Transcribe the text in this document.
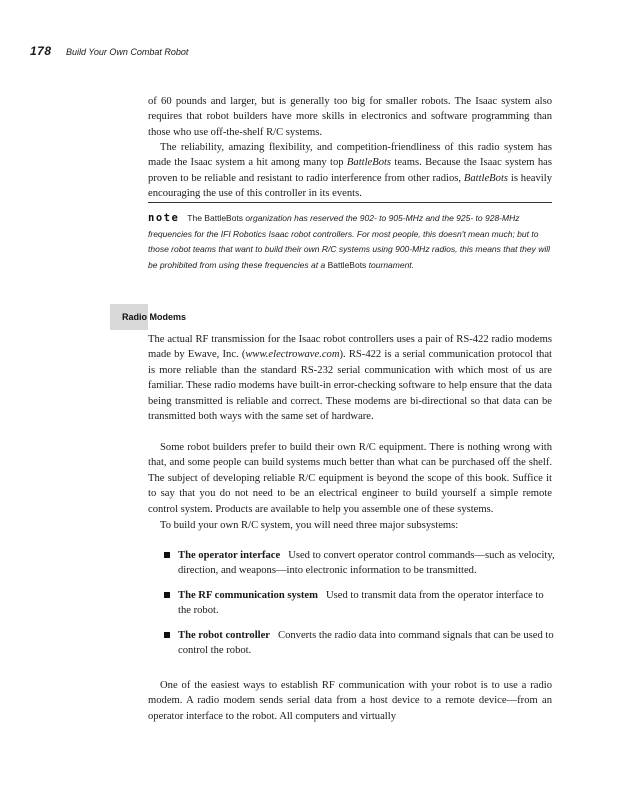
178 Build Your Own Combat Robot

of 60 pounds and larger, but is generally too big for smaller robots. The Isaac system also requires that robot builders have more skills in electronics and software programming than those who use off-the-shelf R/C systems.

The reliability, amazing flexibility, and competition-friendliness of this radio system has made the Isaac system a hit among many top BattleBots teams. Because the Isaac system has proven to be reliable and resistant to radio interference from other radios, BattleBots is heavily encouraging the use of this controller in its events.

note The BattleBots organization has reserved the 902- to 905-MHz and the 925- to 928-MHz frequencies for the IFI Robotics Isaac robot controllers. For most people, this doesn't mean much; but to those robot teams that want to build their own R/C systems using 900-MHz radios, this means that they will be prohibited from using these frequencies at a BattleBots tournament.
Radio Modems

The actual RF transmission for the Isaac robot controllers uses a pair of RS-422 radio modems made by Ewave, Inc. (www.electrowave.com). RS-422 is a serial communication protocol that is more reliable than the standard RS-232 serial communication with which most of us are familiar. These radio modems have built-in error-checking software to help ensure that the data being transmitted is reliable and correct. These modems are bi-directional so that data can be transmitted both ways with the same set of hardware.

Some robot builders prefer to build their own R/C equipment. There is nothing wrong with that, and some people can build systems much better than what can be purchased off the shelf. The subject of developing reliable R/C equipment is beyond the scope of this book. Suffice it to say that you do not need to be an electrical engineer to build yourself a simple remote control system. Products are available to help you assemble one of these systems.

To build your own R/C system, you will need three major subsystems:

The operator interface Used to convert operator control commands—such as velocity, direction, and weapons—into electronic information to be transmitted.
The RF communication system Used to transmit data from the operator interface to the robot.
The robot controller Converts the radio data into command signals that can be used to control the robot.

One of the easiest ways to establish RF communication with your robot is to use a radio modem. A radio modem sends serial data from a host device to a remote device—from an operator interface to the robot. All computers and virtually
